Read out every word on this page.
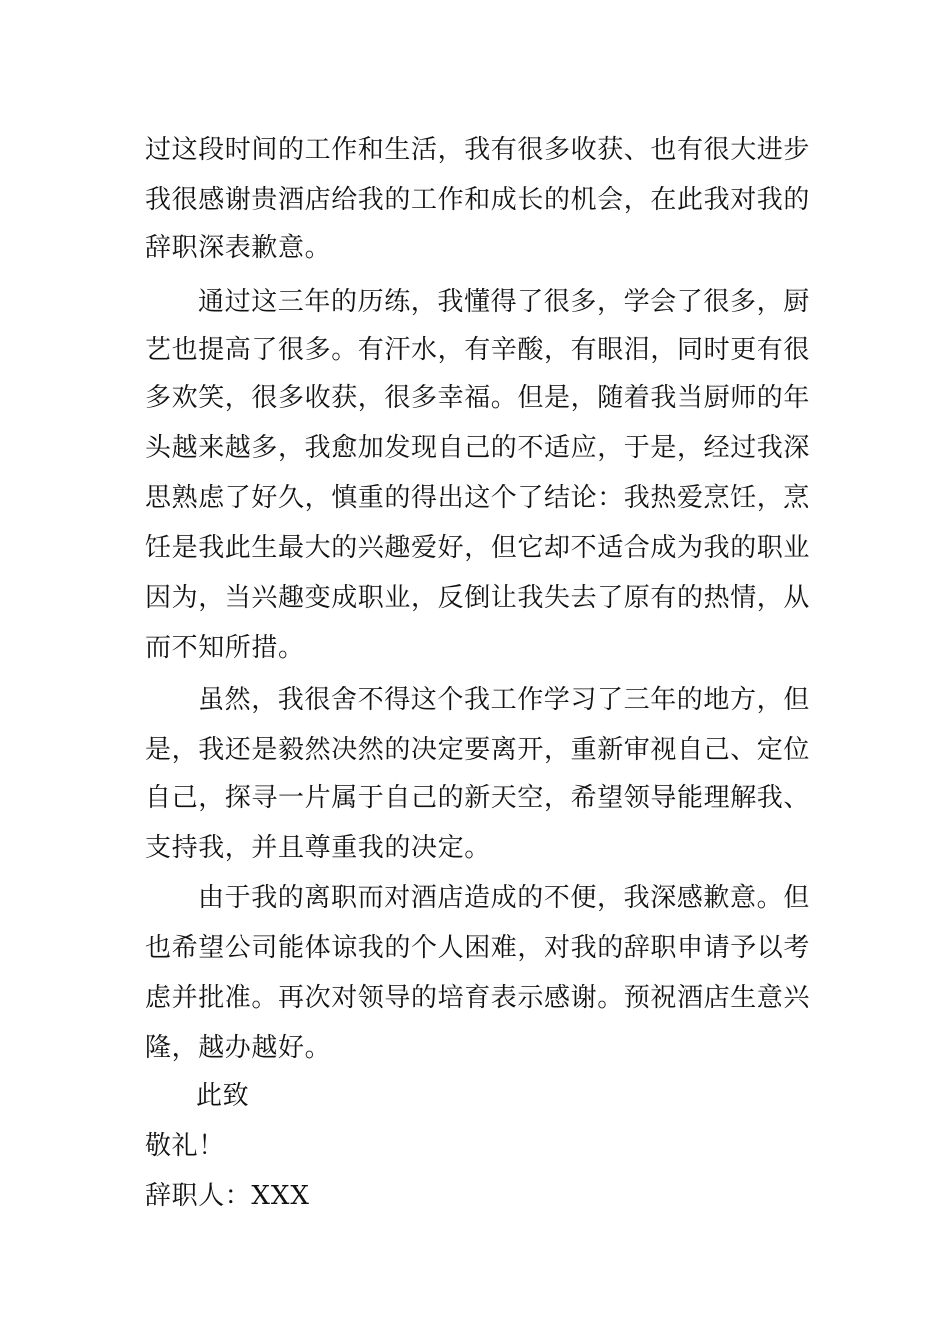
过这段时间的工作和生活，我有很多收获、也有很大进步
我很感谢贵酒店给我的工作和成长的机会，在此我对我的
辞职深表歉意。
通过这三年的历练，我懂得了很多，学会了很多，厨
艺也提高了很多。有汗水，有辛酸，有眼泪，同时更有很
多欢笑，很多收获，很多幸福。但是，随着我当厨师的年
头越来越多，我愈加发现自己的不适应，于是，经过我深
思熟虑了好久，慎重的得出这个了结论：我热爱烹饪，烹
饪是我此生最大的兴趣爱好，但它却不适合成为我的职业
因为，当兴趣变成职业，反倒让我失去了原有的热情，从
而不知所措。
虽然，我很舍不得这个我工作学习了三年的地方，但
是，我还是毅然决然的决定要离开，重新审视自己、定位
自己，探寻一片属于自己的新天空，希望领导能理解我、
支持我，并且尊重我的决定。
由于我的离职而对酒店造成的不便，我深感歉意。但
也希望公司能体谅我的个人困难，对我的辞职申请予以考
虑并批准。再次对领导的培育表示感谢。预祝酒店生意兴
隆，越办越好。
此致
敬礼！
辞职人：XXX
